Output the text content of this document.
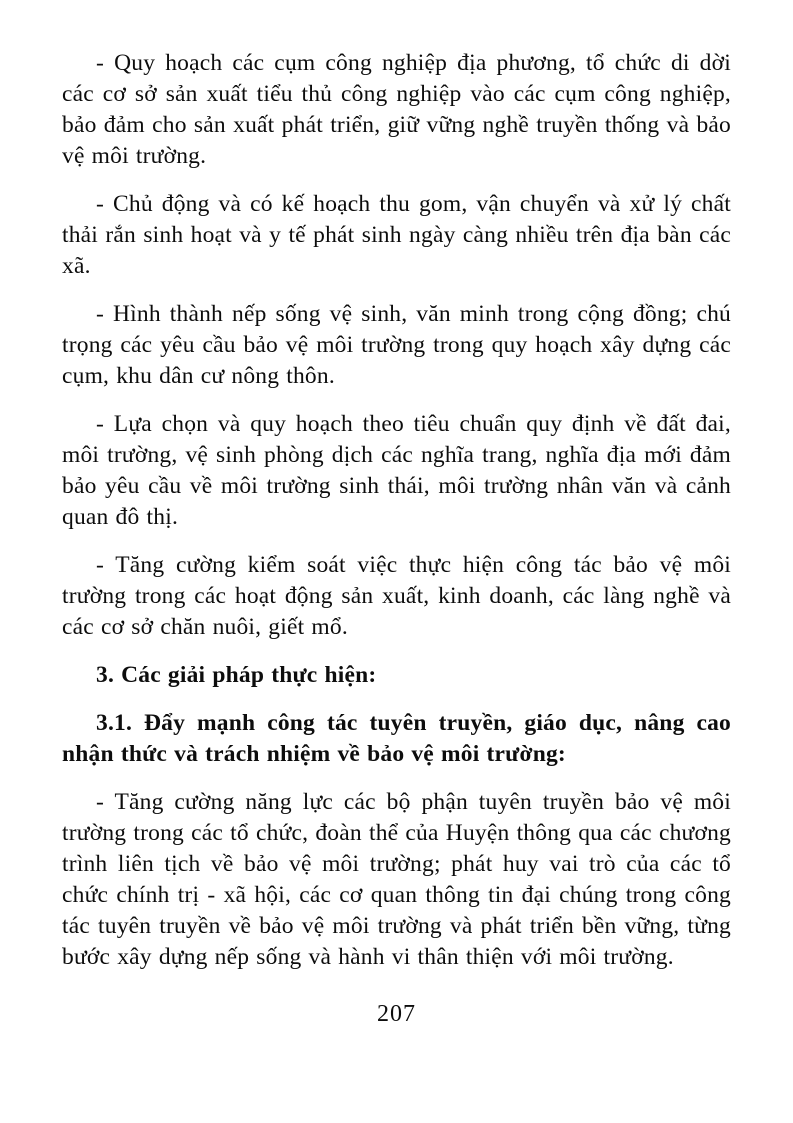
- Quy hoạch các cụm công nghiệp địa phương, tổ chức di dời các cơ sở sản xuất tiểu thủ công nghiệp vào các cụm công nghiệp, bảo đảm cho sản xuất phát triển, giữ vững nghề truyền thống và bảo vệ môi trường.

- Chủ động và có kế hoạch thu gom, vận chuyển và xử lý chất thải rắn sinh hoạt và y tế phát sinh ngày càng nhiều trên địa bàn các xã.

- Hình thành nếp sống vệ sinh, văn minh trong cộng đồng; chú trọng các yêu cầu bảo vệ môi trường trong quy hoạch xây dựng các cụm, khu dân cư nông thôn.

- Lựa chọn và quy hoạch theo tiêu chuẩn quy định về đất đai, môi trường, vệ sinh phòng dịch các nghĩa trang, nghĩa địa mới đảm bảo yêu cầu về môi trường sinh thái, môi trường nhân văn và cảnh quan đô thị.

- Tăng cường kiểm soát việc thực hiện công tác bảo vệ môi trường trong các hoạt động sản xuất, kinh doanh, các làng nghề và các cơ sở chăn nuôi, giết mổ.

3. Các giải pháp thực hiện:

3.1. Đẩy mạnh công tác tuyên truyền, giáo dục, nâng cao nhận thức và trách nhiệm về bảo vệ môi trường:

- Tăng cường năng lực các bộ phận tuyên truyền bảo vệ môi trường trong các tổ chức, đoàn thể của Huyện thông qua các chương trình liên tịch về bảo vệ môi trường; phát huy vai trò của các tổ chức chính trị - xã hội, các cơ quan thông tin đại chúng trong công tác tuyên truyền về bảo vệ môi trường và phát triển bền vững, từng bước xây dựng nếp sống và hành vi thân thiện với môi trường.

207
